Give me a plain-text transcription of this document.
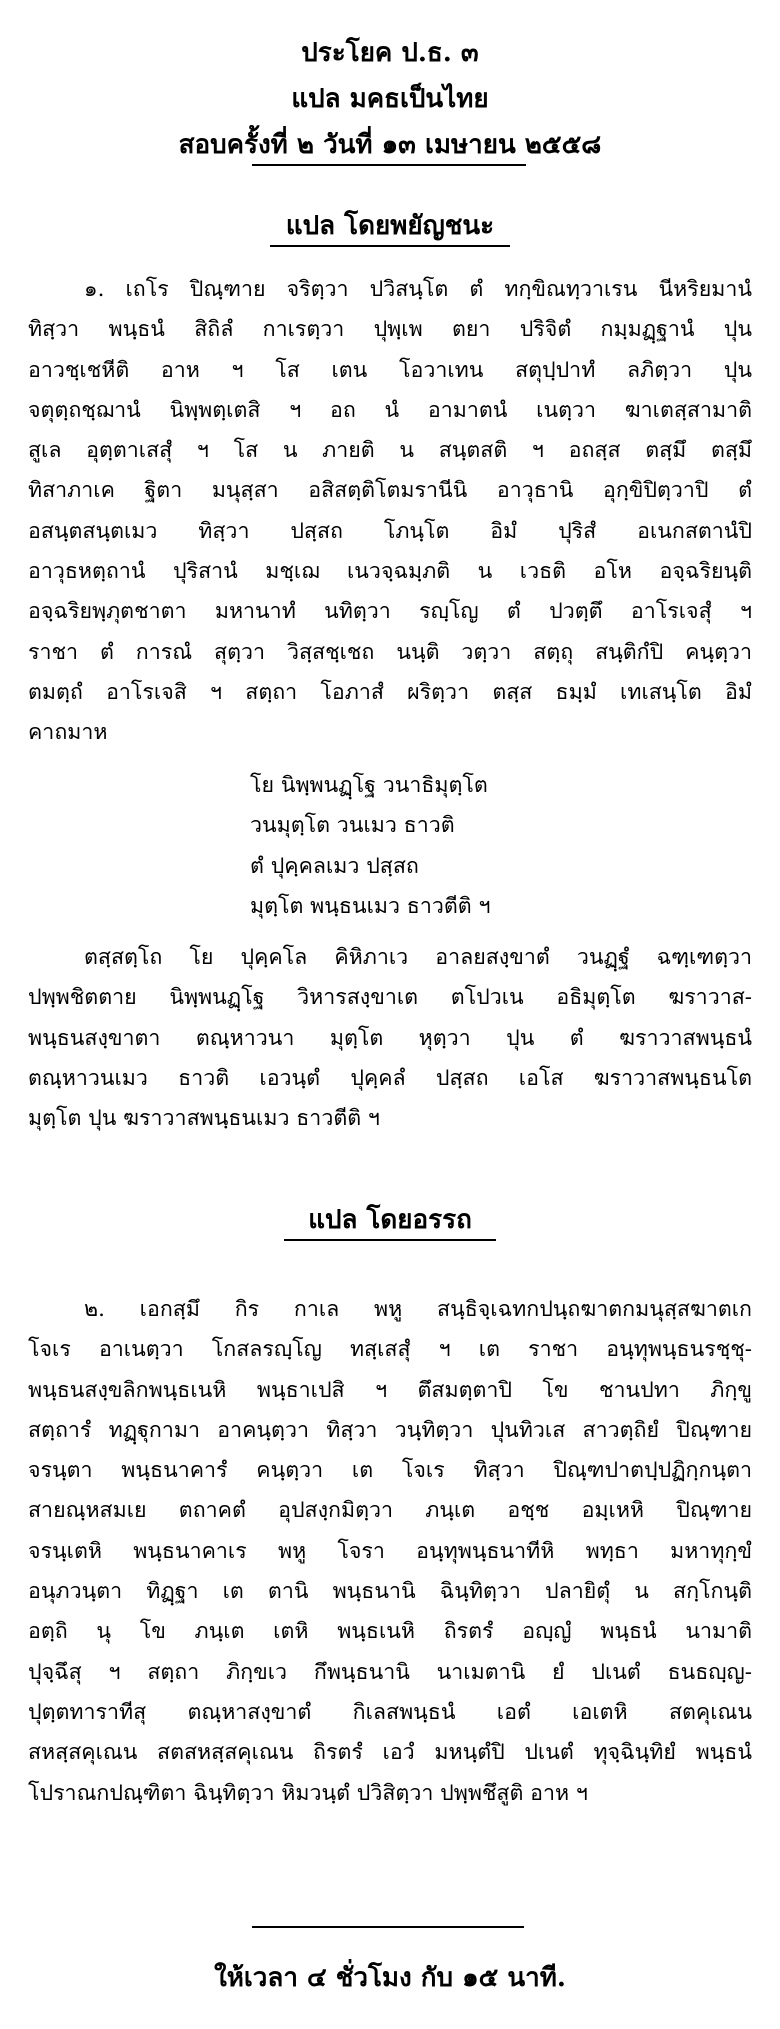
ประโยค ป.ธ. ๓
แปล มคธเป็นไทย
สอบครั้งที่ ๒ วันที่ ๑๓ เมษายน ๒๕๕๘
แปล โดยพยัญชนะ
๑. เถโร ปิณฺฑาย จริตฺวา ปวิสนฺโต ตํ ทกฺขิณทฺวาเรน นีหริยมานํ
ทิสฺวา พนฺธนํ สิถิลํ กาเรตฺวา ปุพฺเพ ตยา ปริจิตํ กมฺมฏฺฐานํ ปุน
อาวชฺเชหีติ อาห ฯ โส เตน โอวาเทน สตุปฺปาทํ ลภิตฺวา ปุน
จตุตฺถชฺฌานํ นิพฺพตฺเตสิ ฯ อถ นํ อามาตนํ เนตฺวา ฆาเตสฺสามาติ
สูเล อุตฺตาเสสุํ ฯ โส น ภายติ น สนฺตสติ ฯ อถสฺส ตสฺมึ ตสฺมึ
ทิสาภาเค ฐิตา มนุสฺสา อสิสตฺติโตมรานีนิ อาวุธานิ อุกฺขิปิตฺวาปิ ตํ
อสนฺตสนฺตเมว ทิสฺวา ปสฺสถ โภนฺโต อิมํ ปุริสํ อเนกสตานํปิ
อาวุธหตฺถานํ ปุริสานํ มชฺเฌ เนวจฺฉมฺภติ น เวธติ อโห อจฺฉริยนฺติ
อจฺฉริยพฺภุตชาตา มหานาทํ นทิตฺวา รญฺโญ ตํ ปวตฺตึ อาโรเจสุํ ฯ
ราชา ตํ การณํ สุตฺวา วิสฺสชฺเชถ นนฺติ วตฺวา สตฺถุ สนฺติกํปิ คนฺตฺวา
ตมตฺถํ อาโรเจสิ ฯ สตฺถา โอภาสํ ผริตฺวา ตสฺส ธมฺมํ เทเสนฺโต อิมํ
คาถมาห
โย นิพฺพนฏฺโฐ วนาธิมุตฺโต
วนมุตฺโต วนเมว ธาวติ
ตํ ปุคฺคลเมว ปสฺสถ
มุตฺโต พนฺธนเมว ธาวตีติ ฯ
ตสฺสตฺโถ โย ปุคฺคโล คิหิภาเว อาลยสงฺขาตํ วนฏฺฐํ ฉฑฺเฑตฺวา
ปพฺพชิตตาย นิพฺพนฏฺโฐ วิหารสงฺขาเต ตโปวเน อธิมุตฺโต ฆราวาส-
พนฺธนสงฺขาตา ตณฺหาวนา มุตฺโต หุตฺวา ปุน ตํ ฆราวาสพนฺธนํ
ตณฺหาวนเมว ธาวติ เอวนฺตํ ปุคฺคลํ ปสฺสถ เอโส ฆราวาสพนฺธนโต
มุตฺโต ปุน ฆราวาสพนฺธนเมว ธาวตีติ ฯ
แปล โดยอรรถ
๒. เอกสฺมึ กิร กาเล พหู สนฺธิจฺเฉทกปนฺถฆาตกมนุสฺสฆาตเก
โจเร อาเนตฺวา โกสลรญฺโญ ทสฺเสสุํ ฯ เต ราชา อนฺทุพนฺธนรชฺชุ-
พนฺธนสงฺขลิกพนฺธเนหิ พนฺธาเปสิ ฯ ตึสมตฺตาปิ โข ชานปทา ภิกฺขู
สตฺถารํ ทฏฺฐุกามา อาคนฺตฺวา ทิสฺวา วนฺทิตฺวา ปุนทิวเส สาวตฺถิยํ ปิณฺฑาย
จรนฺตา พนฺธนาคารํ คนฺตฺวา เต โจเร ทิสฺวา ปิณฺฑปาตปฺปฏิกฺกนฺตา
สายณฺหสมเย ตถาคตํ อุปสงฺกมิตฺวา ภนฺเต อชฺช อมฺเหหิ ปิณฺฑาย
จรนฺเตหิ พนฺธนาคาเร พหู โจรา อนฺทุพนฺธนาทีหิ พทฺธา มหาทุกฺขํ
อนุภวนฺตา ทิฏฺฐา เต ตานิ พนฺธนานิ ฉินฺทิตฺวา ปลายิตุํ น สกฺโกนฺติ
อตฺถิ นุ โข ภนฺเต เตหิ พนฺธเนหิ ถิรตรํ อญฺญํ พนฺธนํ นามาติ
ปุจฺฉึสุ ฯ สตฺถา ภิกฺขเว กึพนฺธนานิ นาเมตานิ ยํ ปเนตํ ธนธญฺญ-
ปุตฺตทาราทีสุ ตณฺหาสงฺขาตํ กิเลสพนฺธนํ เอตํ เอเตหิ สตคุเณน
สหสฺสคุเณน สตสหสฺสคุเณน ถิรตรํ เอวํ มหนฺตํปิ ปเนตํ ทุจฺฉินฺทิยํ พนฺธนํ
โปราณกปณฺฑิตา ฉินฺทิตฺวา หิมวนฺตํ ปวิสิตฺวา ปพฺพชึสูติ อาห ฯ
ให้เวลา ๔ ชั่วโมง กับ ๑๕ นาที.
